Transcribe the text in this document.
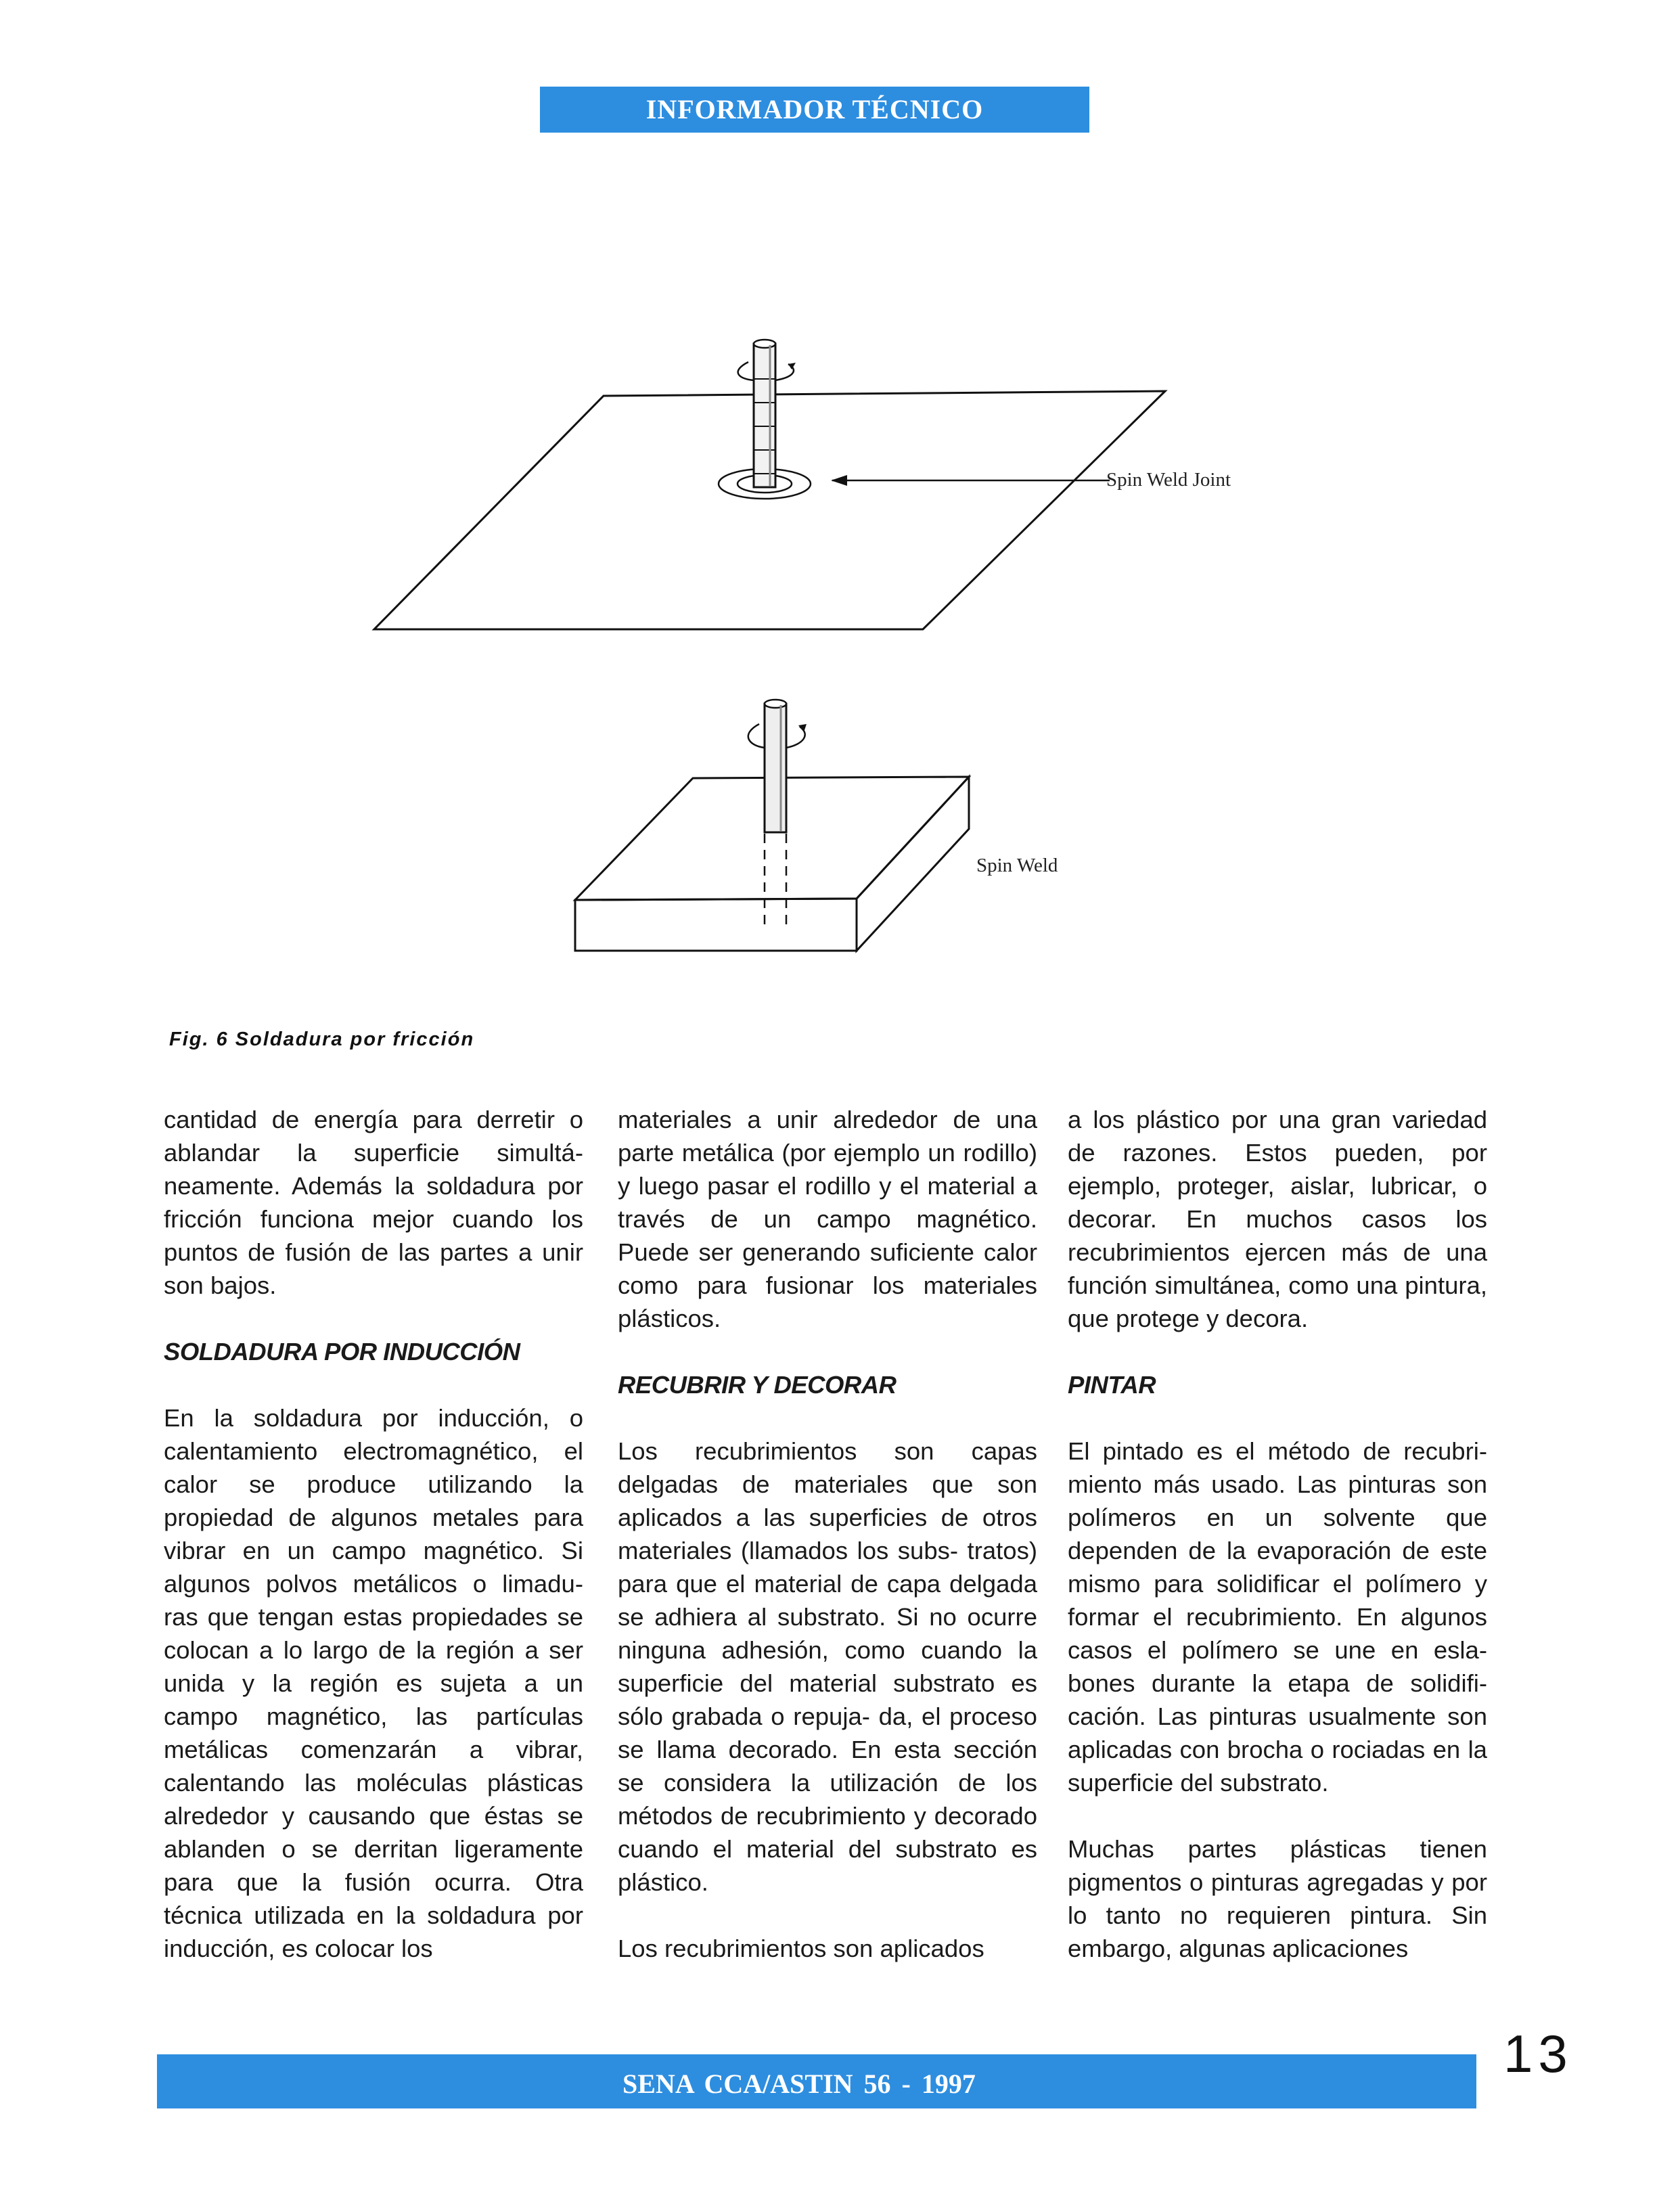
INFORMADOR TÉCNICO
Spin Weld Joint
Spin Weld
Fig. 6 Soldadura por fricción

cantidad de energía para derretir o ablandar la superficie simultá- neamente. Además la soldadura por fricción funciona mejor cuando los puntos de fusión de las partes a unir son bajos.

SOLDADURA POR INDUCCIÓN

En la soldadura por inducción, o calentamiento electromagnético, el calor se produce utilizando la propiedad de algunos metales para vibrar en un campo magnético. Si algunos polvos metálicos o limadu- ras que tengan estas propiedades se colocan a lo largo de la región a ser unida y la región es sujeta a un campo magnético, las partículas metálicas comenzarán a vibrar, calentando las moléculas plásticas alrededor y causando que éstas se ablanden o se derritan ligeramente para que la fusión ocurra. Otra técnica utilizada en la soldadura por inducción, es colocar los

materiales a unir alrededor de una parte metálica (por ejemplo un rodillo) y luego pasar el rodillo y el material a través de un campo magnético. Puede ser generando suficiente calor como para fusionar los materiales plásticos.

RECUBRIR Y DECORAR

Los recubrimientos son capas delgadas de materiales que son aplicados a las superficies de otros materiales (llamados los subs- tratos) para que el material de capa delgada se adhiera al substrato. Si no ocurre ninguna adhesión, como cuando la superficie del material substrato es sólo grabada o repuja- da, el proceso se llama decorado. En esta sección se considera la utilización de los métodos de recubrimiento y decorado cuando el material del substrato es plástico.

Los recubrimientos son aplicados

a los plástico por una gran variedad de razones. Estos pueden, por ejemplo, proteger, aislar, lubricar, o decorar. En muchos casos los recubrimientos ejercen más de una función simultánea, como una pintura, que protege y decora.

PINTAR

El pintado es el método de recubri- miento más usado. Las pinturas son polímeros en un solvente que dependen de la evaporación de este mismo para solidificar el polímero y formar el recubrimiento. En algunos casos el polímero se une en esla- bones durante la etapa de solidifi- cación. Las pinturas usualmente son aplicadas con brocha o rociadas en la superficie del substrato.

Muchas partes plásticas tienen pigmentos o pinturas agregadas y por lo tanto no requieren pintura. Sin embargo, algunas aplicaciones

SENA CCA/ASTIN 56 - 1997
13
